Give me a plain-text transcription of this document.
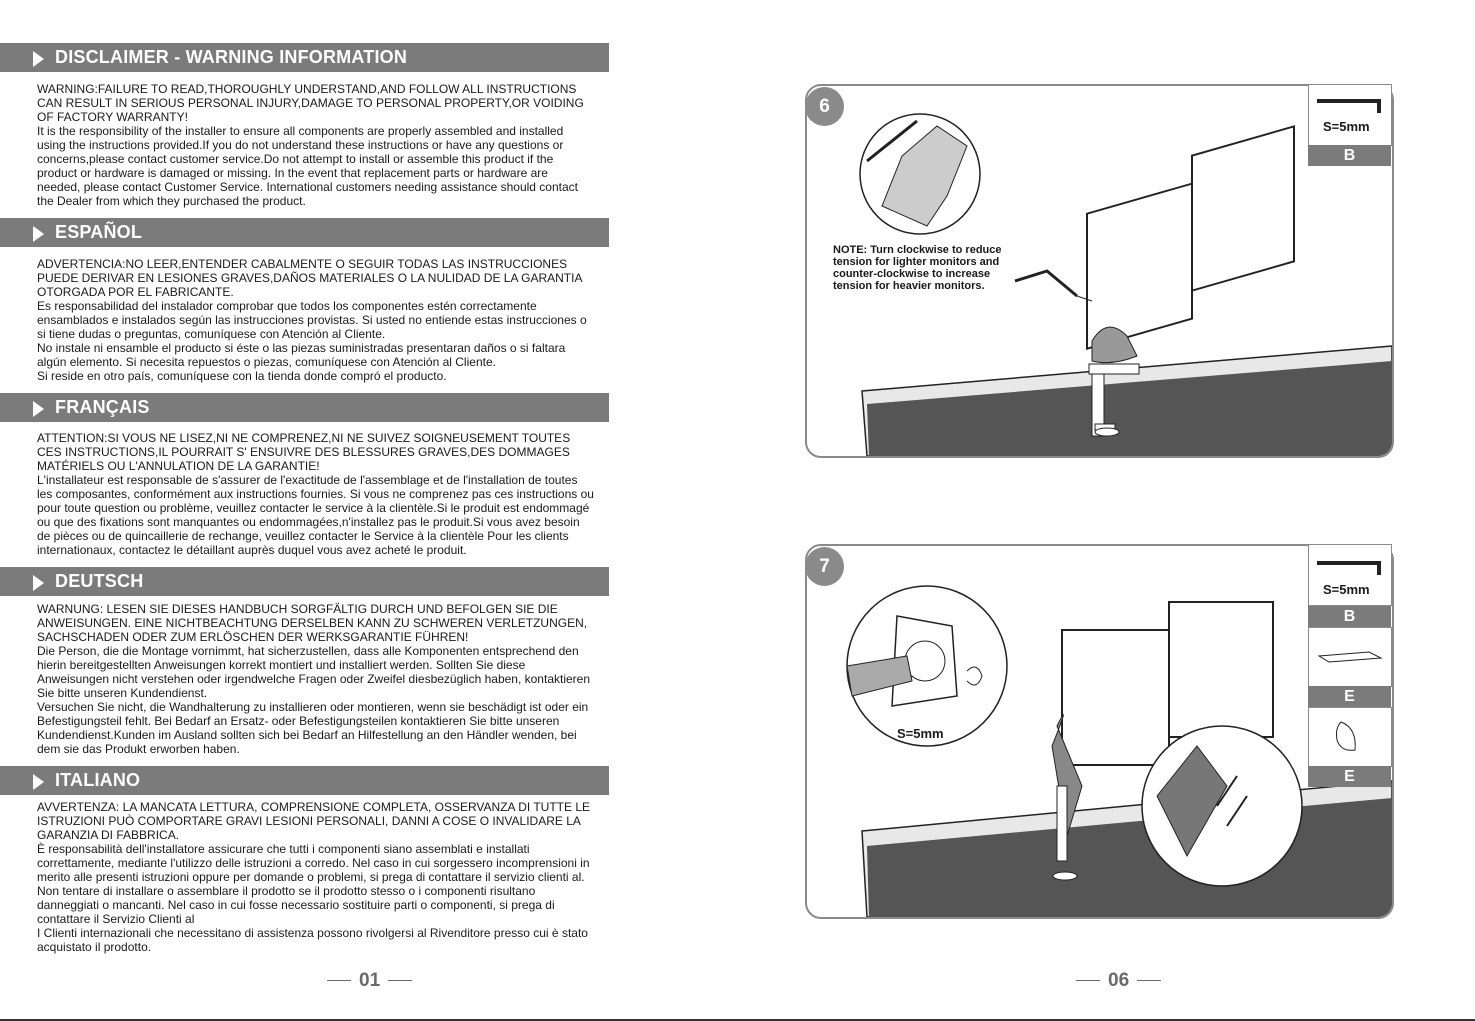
DISCLAIMER - WARNING INFORMATION
WARNING:FAILURE TO READ,THOROUGHLY UNDERSTAND,AND FOLLOW ALL INSTRUCTIONS
CAN RESULT IN SERIOUS PERSONAL INJURY,DAMAGE TO PERSONAL PROPERTY,OR VOIDING
OF FACTORY WARRANTY!
It is the responsibility of the installer to ensure all components are properly assembled and installed
using the instructions provided.If you do not understand these instructions or have any questions or
concerns,please contact customer service.Do not attempt to install or assemble this product if the
product or hardware is damaged or missing. In the event that replacement parts or hardware are
needed, please contact Customer Service. International customers needing assistance should contact
the Dealer from which they purchased the product.
ESPAÑOL
ADVERTENCIA:NO LEER,ENTENDER CABALMENTE O SEGUIR TODAS LAS INSTRUCCIONES
PUEDE DERIVAR EN LESIONES GRAVES,DAÑOS MATERIALES O LA NULIDAD DE LA GARANTIA
OTORGADA POR EL FABRICANTE.
Es responsabilidad del instalador comprobar que todos los componentes estén correctamente
ensamblados e instalados según las instrucciones provistas. Si usted no entiende estas instrucciones o
si tiene dudas o preguntas, comuníquese con Atención al Cliente.
No instale ni ensamble el producto si éste o las piezas suministradas presentaran daños o si faltara
algún elemento. Si necesita repuestos o piezas, comuníquese con Atención al Cliente.
Si reside en otro país, comuníquese con la tienda donde compró el producto.
FRANÇAIS
ATTENTION:SI VOUS NE LISEZ,NI NE COMPRENEZ,NI NE SUIVEZ SOIGNEUSEMENT TOUTES
CES INSTRUCTIONS,IL POURRAIT S' ENSUIVRE DES BLESSURES GRAVES,DES DOMMAGES
MATÉRIELS OU L'ANNULATION DE LA GARANTIE!
L'installateur est responsable de s'assurer de l'exactitude de l'assemblage et de l'installation de toutes
les composantes, conformément aux instructions fournies. Si vous ne comprenez pas ces instructions ou
pour toute question ou problème, veuillez contacter le service à la clientèle.Si le produit est endommagé
ou que des fixations sont manquantes ou endommagées,n'installez pas le produit.Si vous avez besoin
de pièces ou de quincaillerie de rechange, veuillez contacter le Service à la clientèle Pour les clients
internationaux, contactez le détaillant auprès duquel vous avez acheté le produit.
DEUTSCH
WARNUNG: LESEN SIE DIESES HANDBUCH SORGFÄLTIG DURCH UND BEFOLGEN SIE DIE
ANWEISUNGEN. EINE NICHTBEACHTUNG DERSELBEN KANN ZU SCHWEREN VERLETZUNGEN,
SACHSCHADEN ODER ZUM ERLÖSCHEN DER WERKSGARANTIE FÜHREN!
Die Person, die die Montage vornimmt, hat sicherzustellen, dass alle Komponenten entsprechend den
hierin bereitgestellten Anweisungen korrekt montiert und installiert werden. Sollten Sie diese
Anweisungen nicht verstehen oder irgendwelche Fragen oder Zweifel diesbezüglich haben, kontaktieren
Sie bitte unseren Kundendienst.
Versuchen Sie nicht, die Wandhalterung zu installieren oder montieren, wenn sie beschädigt ist oder ein
Befestigungsteil fehlt. Bei Bedarf an Ersatz- oder Befestigungsteilen kontaktieren Sie bitte unseren
Kundendienst.Kunden im Ausland sollten sich bei Bedarf an Hilfestellung an den Händler wenden, bei
dem sie das Produkt erworben haben.
ITALIANO
AVVERTENZA: LA MANCATA LETTURA, COMPRENSIONE COMPLETA, OSSERVANZA DI TUTTE LE
ISTRUZIONI PUÒ COMPORTARE GRAVI LESIONI PERSONALI, DANNI A COSE O INVALIDARE LA
GARANZIA DI FABBRICA.
È responsabilità dell'installatore assicurare che tutti i componenti siano assemblati e installati
correttamente, mediante l'utilizzo delle istruzioni a corredo. Nel caso in cui sorgessero incomprensioni in
merito alle presenti istruzioni oppure per domande o problemi, si prega di contattare il servizio clienti al.
Non tentare di installare o assemblare il prodotto se il prodotto stesso o i componenti risultano
danneggiati o mancanti. Nel caso in cui fosse necessario sostituire parti o componenti, si prega di
contattare il Servizio Clienti al
I Clienti internazionali che necessitano di assistenza possono rivolgersi al Rivenditore presso cui è stato
acquistato il prodotto.
01
6
NOTE: Turn clockwise to reduce
tension for lighter monitors and
counter-clockwise to increase
tension for heavier monitors.
S=5mm
B
7
S=5mm
S=5mm
B
E
E
06
